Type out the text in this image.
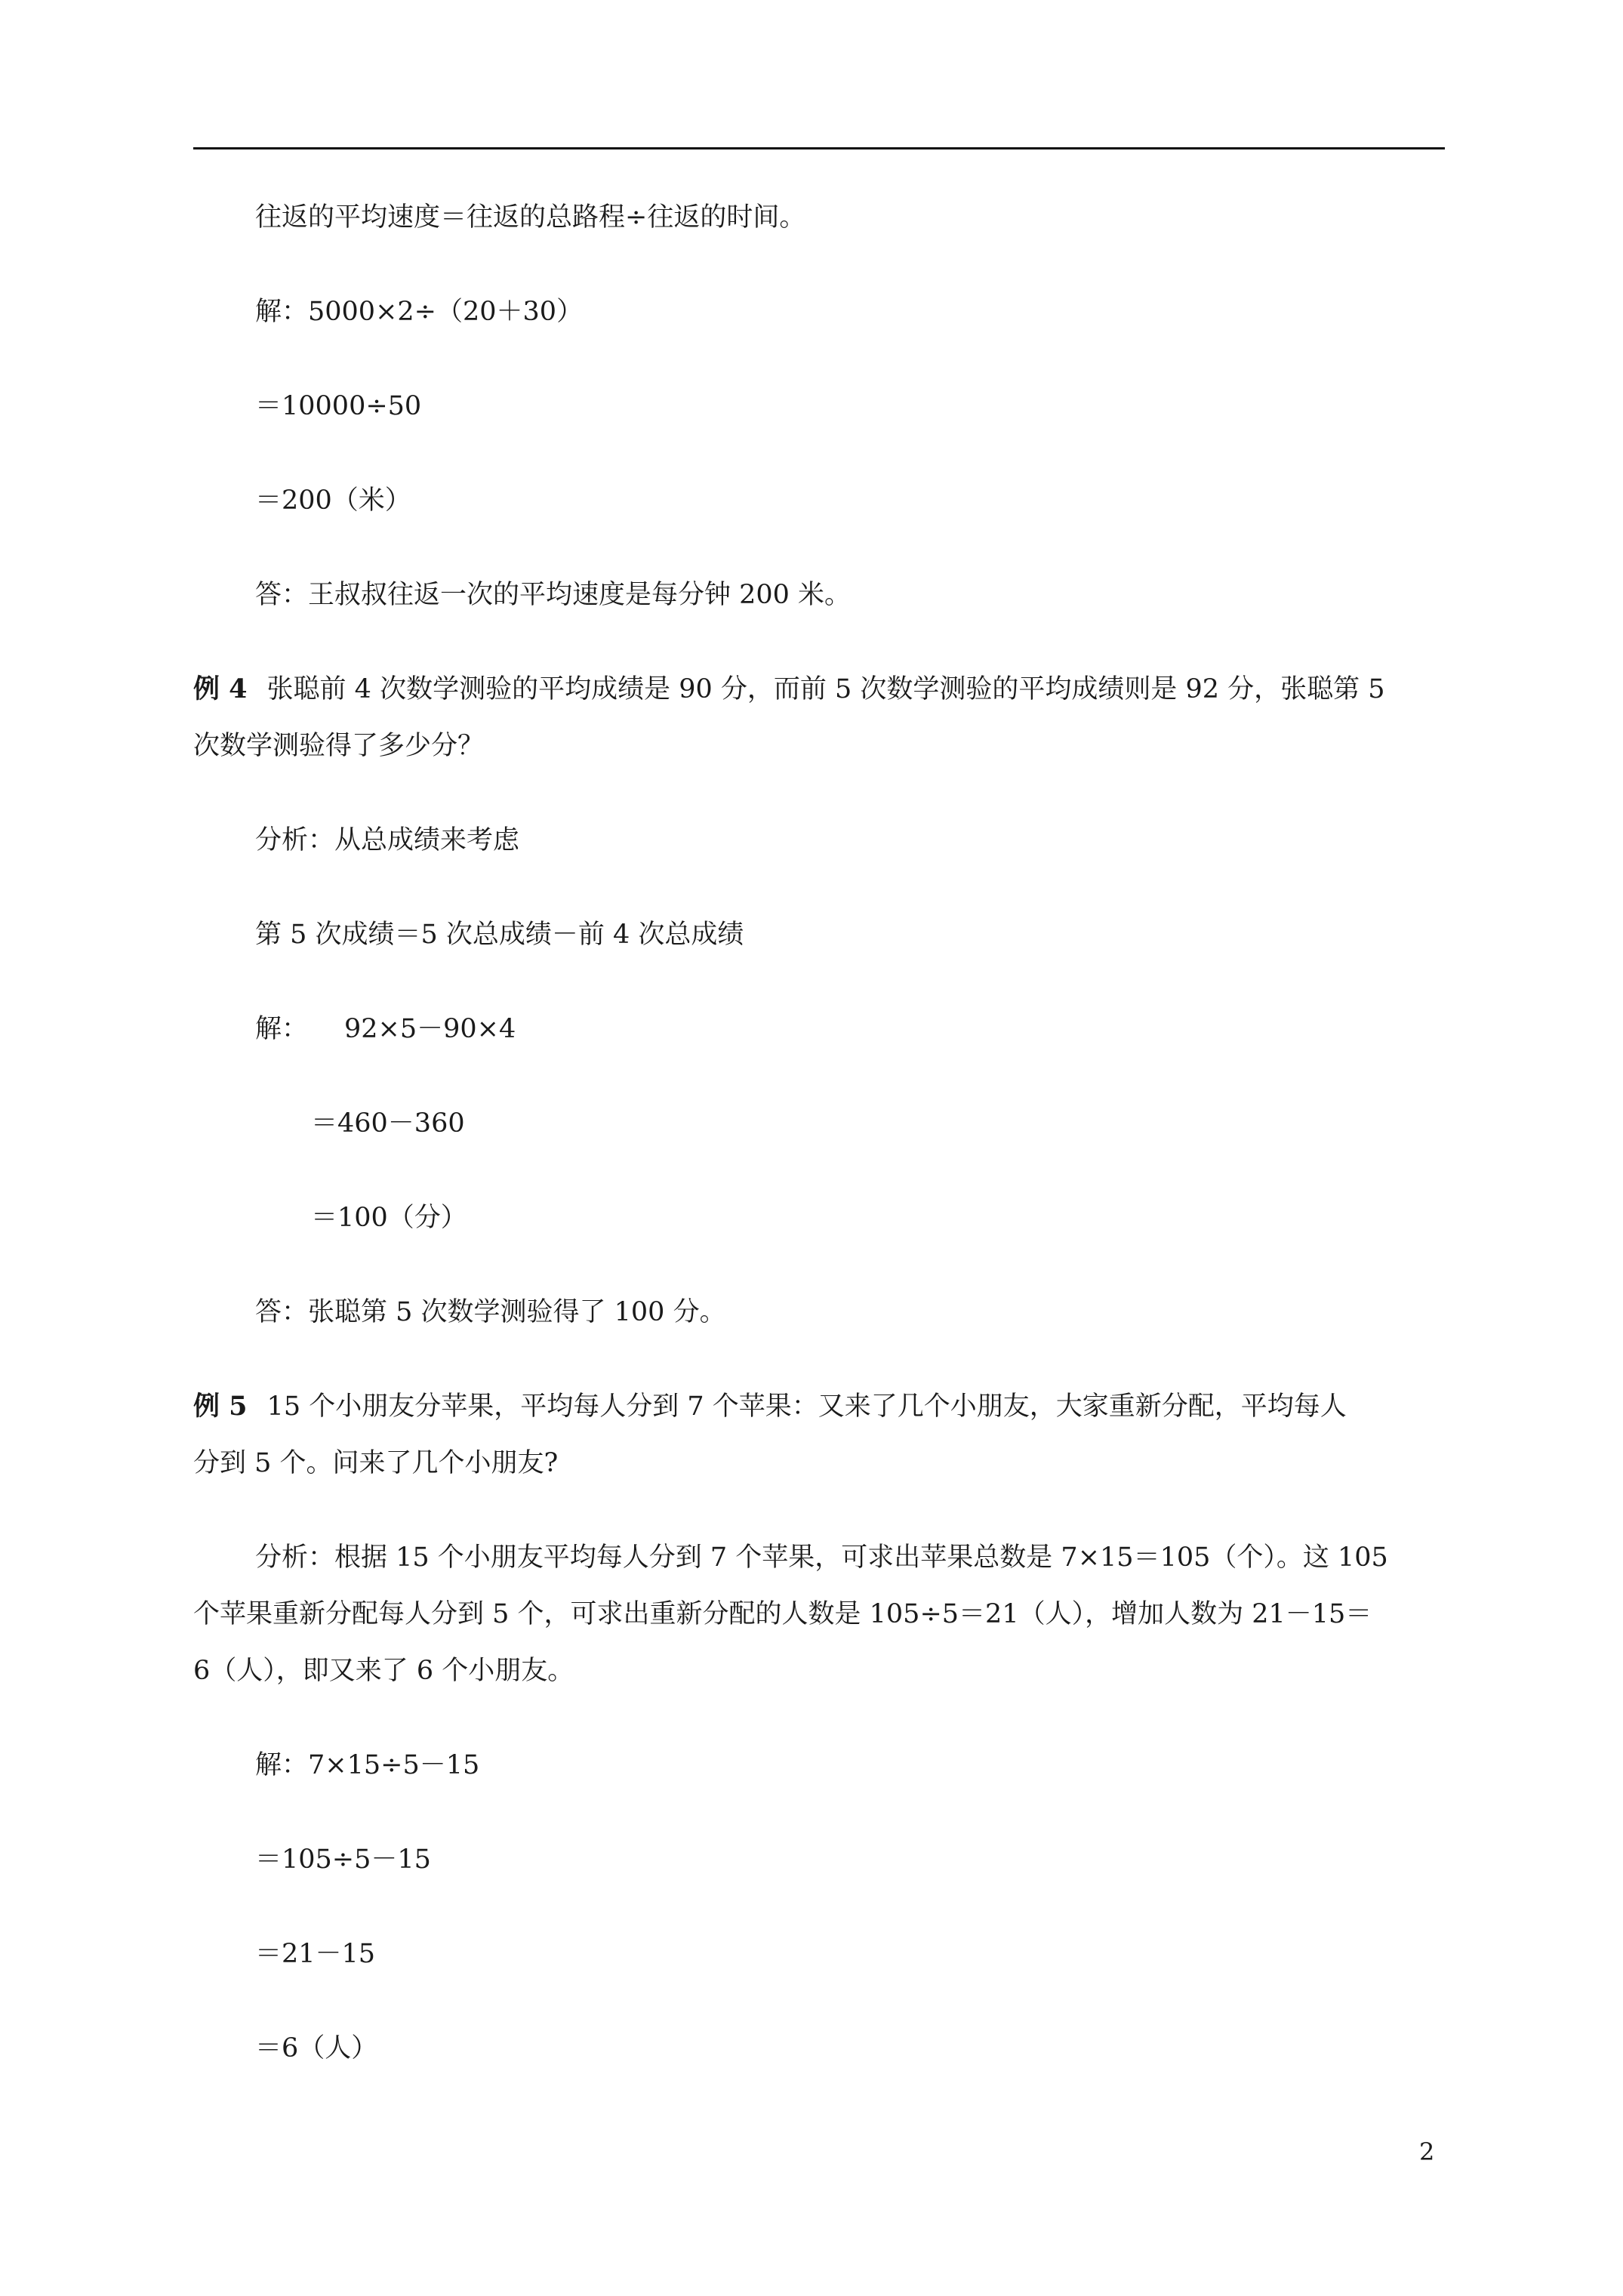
往返的平均速度＝往返的总路程÷往返的时间。
解：5000×2÷（20＋30）
＝10000÷50
＝200（米）
答：王叔叔往返一次的平均速度是每分钟 200 米。
例 4 张聪前 4 次数学测验的平均成绩是 90 分，而前 5 次数学测验的平均成绩则是 92 分，张聪第 5
次数学测验得了多少分？
分析：从总成绩来考虑
第 5 次成绩＝5 次总成绩－前 4 次总成绩
解： 92×5－90×4
＝460－360
＝100（分）
答：张聪第 5 次数学测验得了 100 分。
例 5 15 个小朋友分苹果，平均每人分到 7 个苹果：又来了几个小朋友，大家重新分配，平均每人
分到 5 个。问来了几个小朋友?
分析：根据 15 个小朋友平均每人分到 7 个苹果，可求出苹果总数是 7×15＝105（个）。这 105
个苹果重新分配每人分到 5 个，可求出重新分配的人数是 105÷5＝21（人），增加人数为 21－15＝
6（人），即又来了 6 个小朋友。
解：7×15÷5－15
＝105÷5－15
＝21－15
＝6（人）
2
